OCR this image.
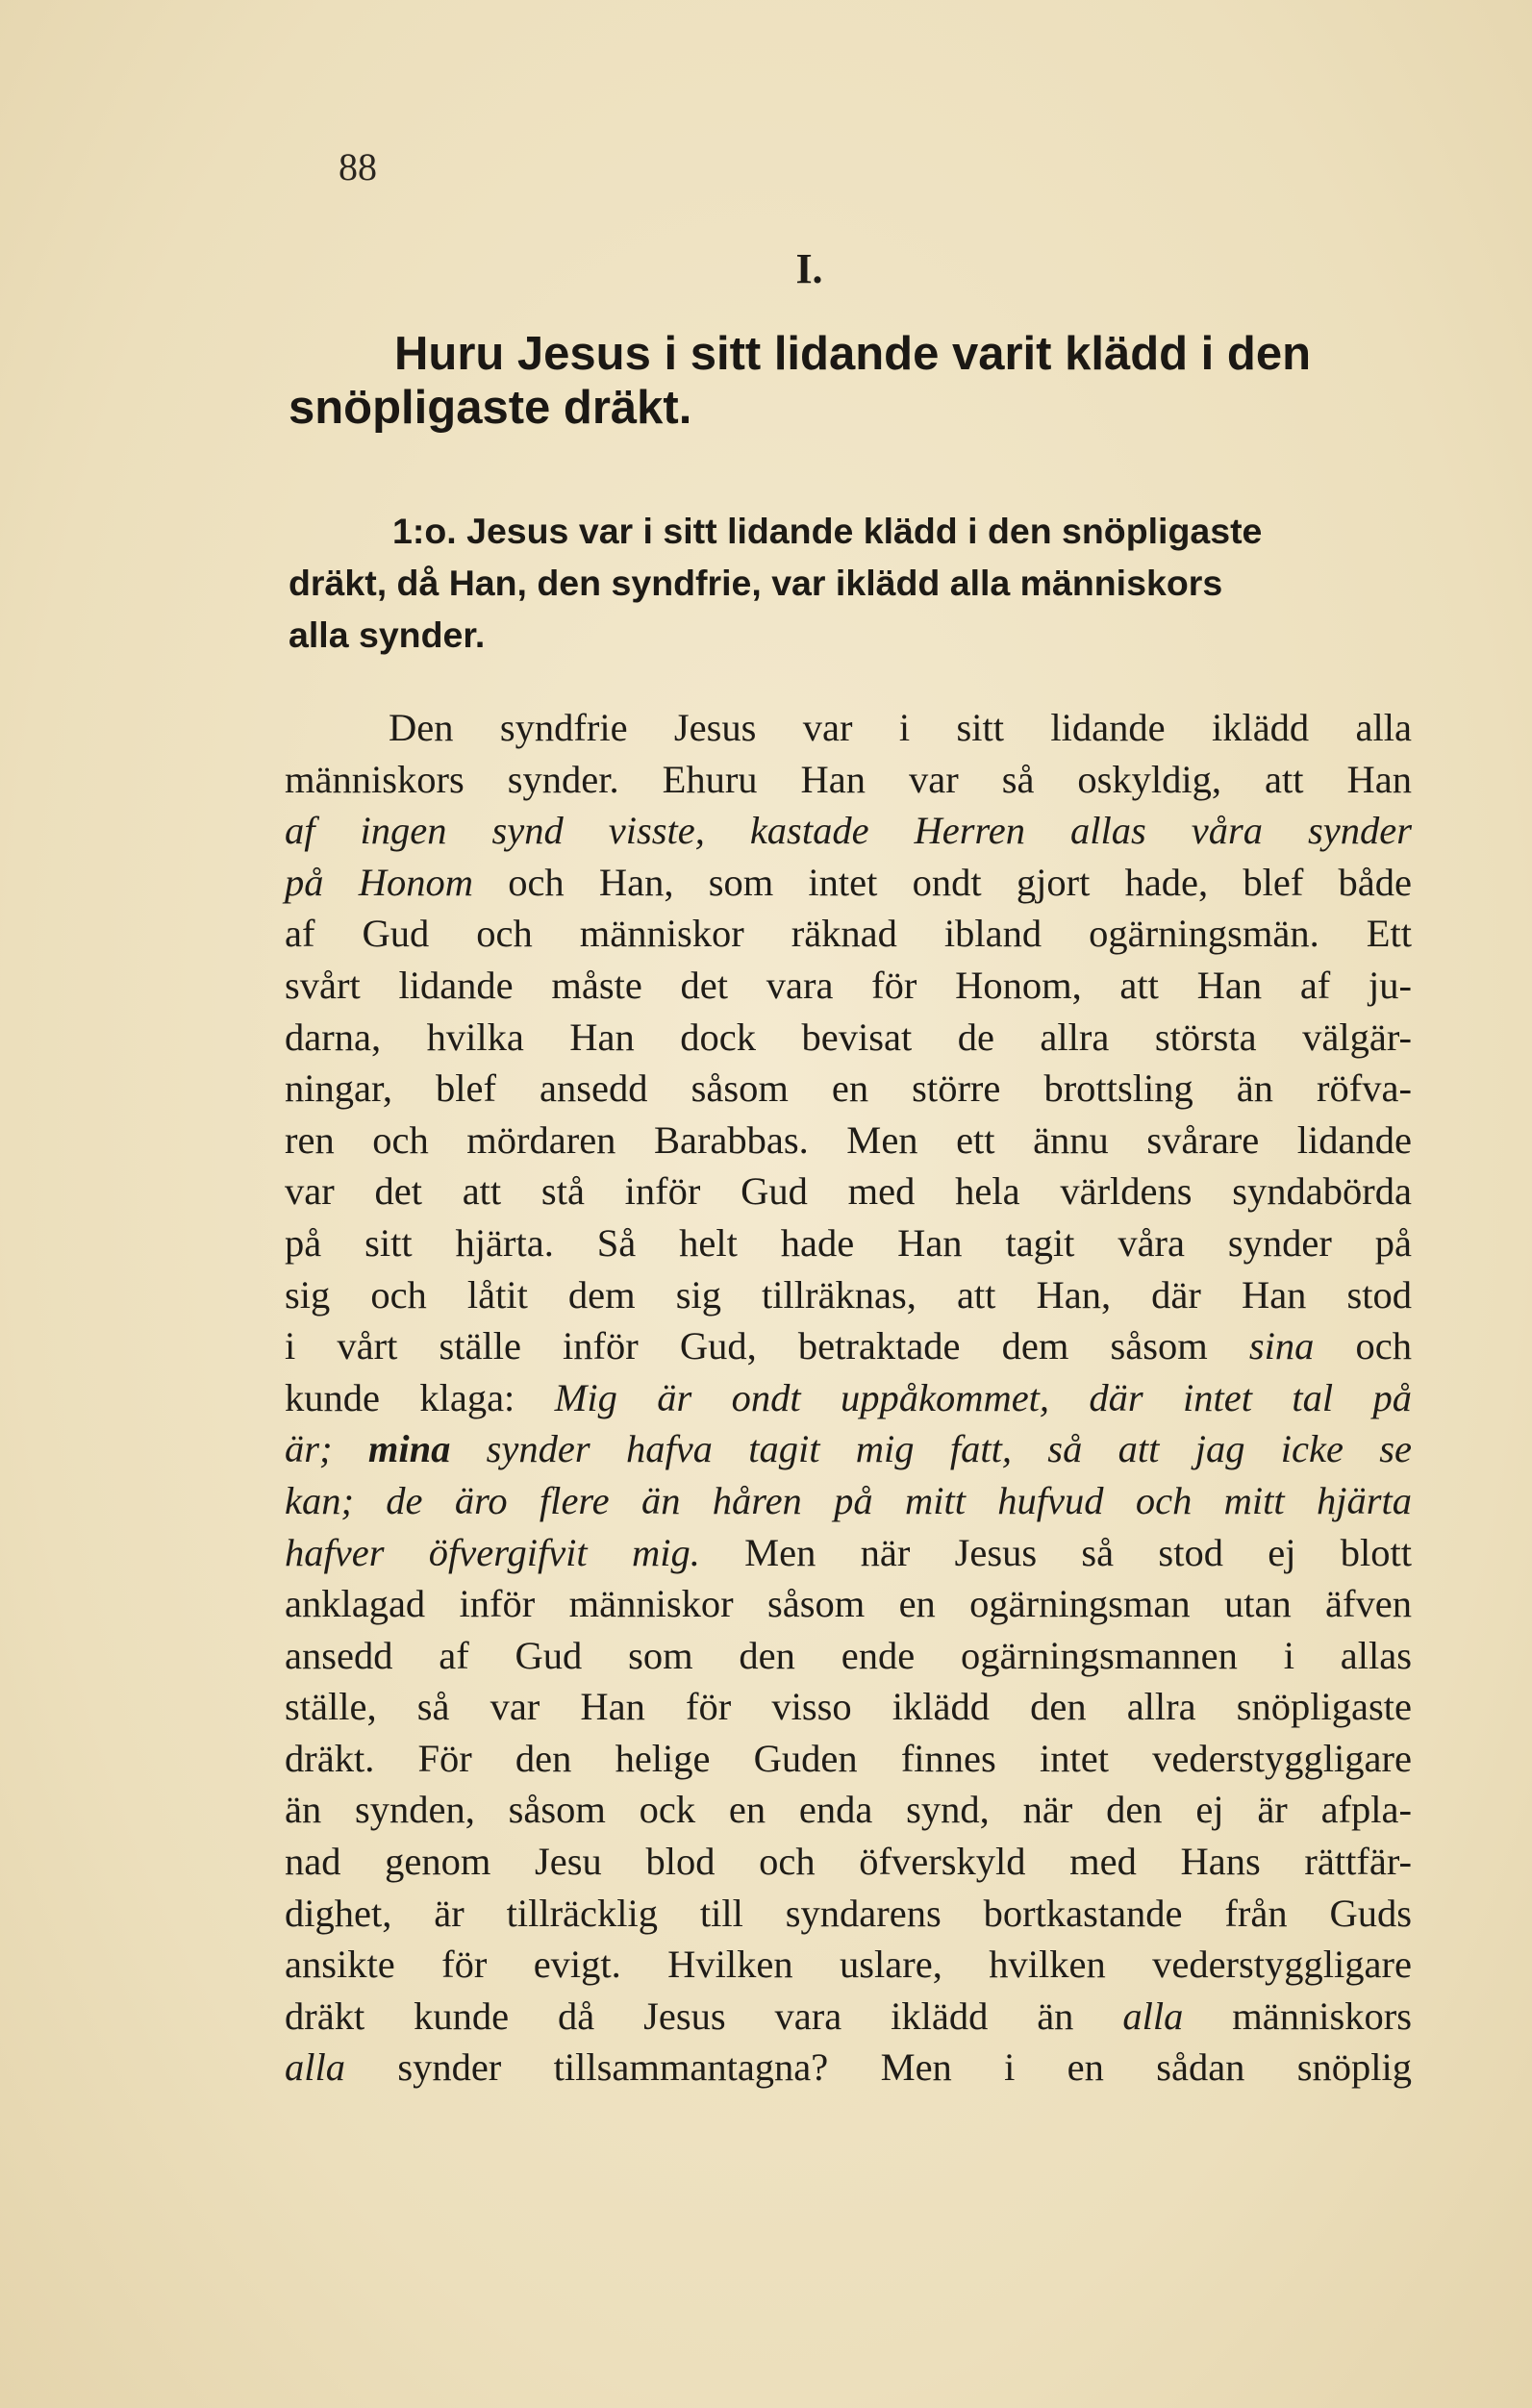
88
I.
Huru Jesus i sitt lidande varit klädd i den
snöpligaste dräkt.
1:o. Jesus var i sitt lidande klädd i den snöpligaste
dräkt, då Han, den syndfrie, var iklädd alla människors
alla synder.
Den syndfrie Jesus var i sitt lidande iklädd alla
människors synder. Ehuru Han var så oskyldig, att Han
af ingen synd visste, kastade Herren allas våra synder
på Honom och Han, som intet ondt gjort hade, blef både
af Gud och människor räknad ibland ogärningsmän. Ett
svårt lidande måste det vara för Honom, att Han af ju-
darna, hvilka Han dock bevisat de allra största välgär-
ningar, blef ansedd såsom en större brottsling än röfva-
ren och mördaren Barabbas. Men ett ännu svårare lidande
var det att stå inför Gud med hela världens syndabörda
på sitt hjärta. Så helt hade Han tagit våra synder på
sig och låtit dem sig tillräknas, att Han, där Han stod
i vårt ställe inför Gud, betraktade dem såsom sina och
kunde klaga: Mig är ondt uppåkommet, där intet tal på
är; mina synder hafva tagit mig fatt, så att jag icke se
kan; de äro flere än håren på mitt hufvud och mitt hjärta
hafver öfvergifvit mig. Men när Jesus så stod ej blott
anklagad inför människor såsom en ogärningsman utan äfven
ansedd af Gud som den ende ogärningsmannen i allas
ställe, så var Han för visso iklädd den allra snöpligaste
dräkt. För den helige Guden finnes intet vederstyggligare
än synden, såsom ock en enda synd, när den ej är afpla-
nad genom Jesu blod och öfverskyld med Hans rättfär-
dighet, är tillräcklig till syndarens bortkastande från Guds
ansikte för evigt. Hvilken uslare, hvilken vederstyggligare
dräkt kunde då Jesus vara iklädd än alla människors
alla synder tillsammantagna? Men i en sådan snöplig
